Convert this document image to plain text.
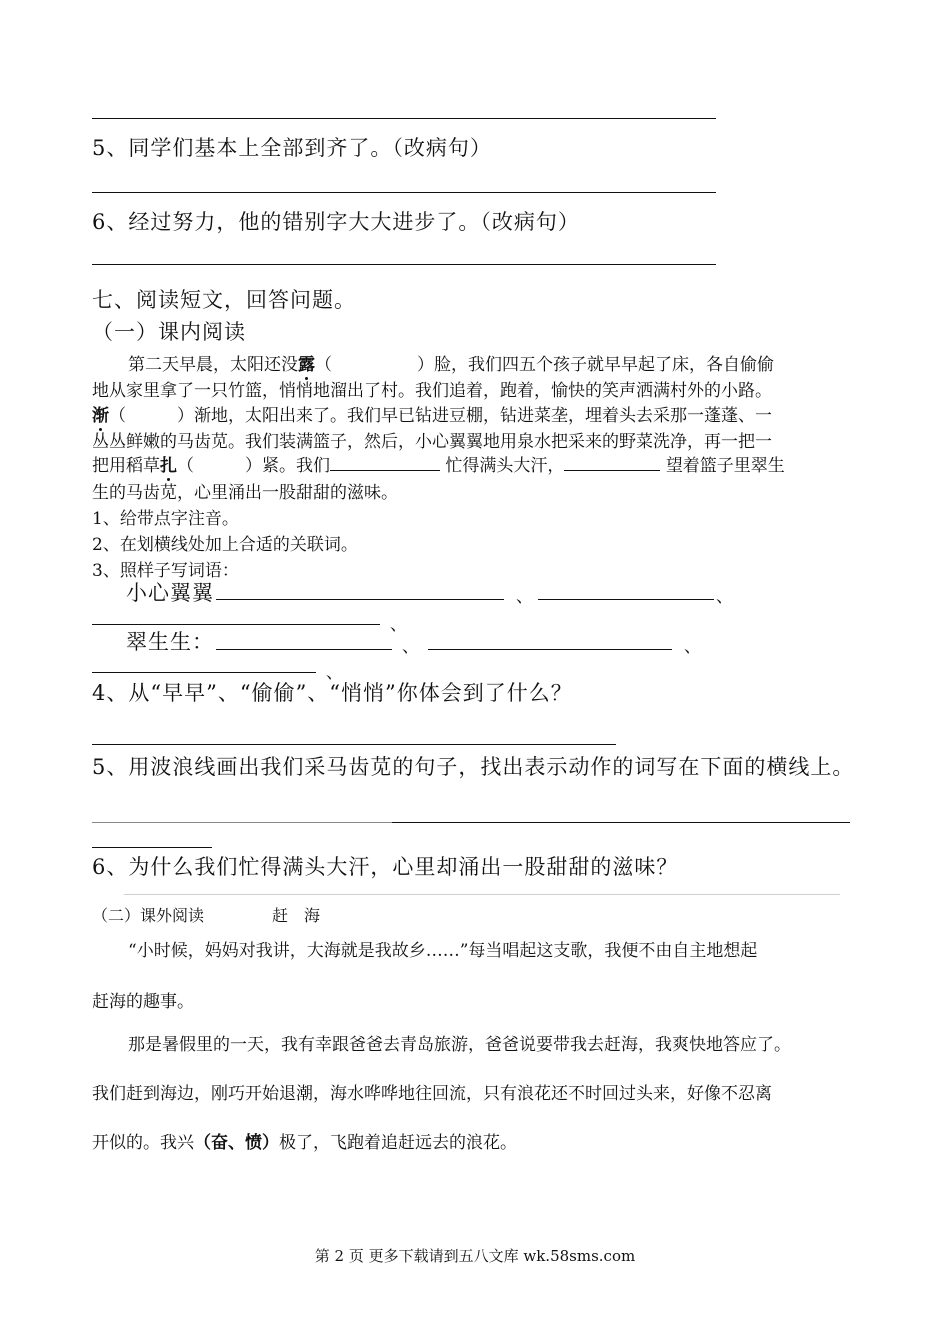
5、同学们基本上全部到齐了。（改病句）
6、经过努力，他的错别字大大进步了。（改病句）
七、阅读短文，回答问题。
（一）课内阅读
第二天早晨，太阳还没露（　　　　　）脸，我们四五个孩子就早早起了床，各自偷偷
地从家里拿了一只竹篮，悄悄地溜出了村。我们追着，跑着，愉快的笑声洒满村外的小路。
渐（　　　）渐地，太阳出来了。我们早已钻进豆棚，钻进菜垄，埋着头去采那一蓬蓬、一
丛丛鲜嫩的马齿苋。我们装满篮子，然后，小心翼翼地用泉水把采来的野菜洗净，再一把一
把用稻草扎（　　　）紧。我们	忙得满头大汗，	望着篮子里翠生
生的马齿苋，心里涌出一股甜甜的滋味。
1、给带点字注音。
2、在划横线处加上合适的关联词。
3、照样子写词语：
小心翼翼	、	、
、
翠生生：	、	、
、
4、从“早早”、“偷偷”、“悄悄”你体会到了什么？
5、用波浪线画出我们采马齿苋的句子，找出表示动作的词写在下面的横线上。
6、为什么我们忙得满头大汗，心里却涌出一股甜甜的滋味？
（二）课外阅读	赶　海
“小时候，妈妈对我讲，大海就是我故乡……”每当唱起这支歌，我便不由自主地想起
赶海的趣事。
那是暑假里的一天，我有幸跟爸爸去青岛旅游，爸爸说要带我去赶海，我爽快地答应了。
我们赶到海边，刚巧开始退潮，海水哗哗地往回流，只有浪花还不时回过头来，好像不忍离
开似的。我兴（奋、愤）极了，飞跑着追赶远去的浪花。
第 2 页 更多下载请到五八文库 wk.58sms.com
